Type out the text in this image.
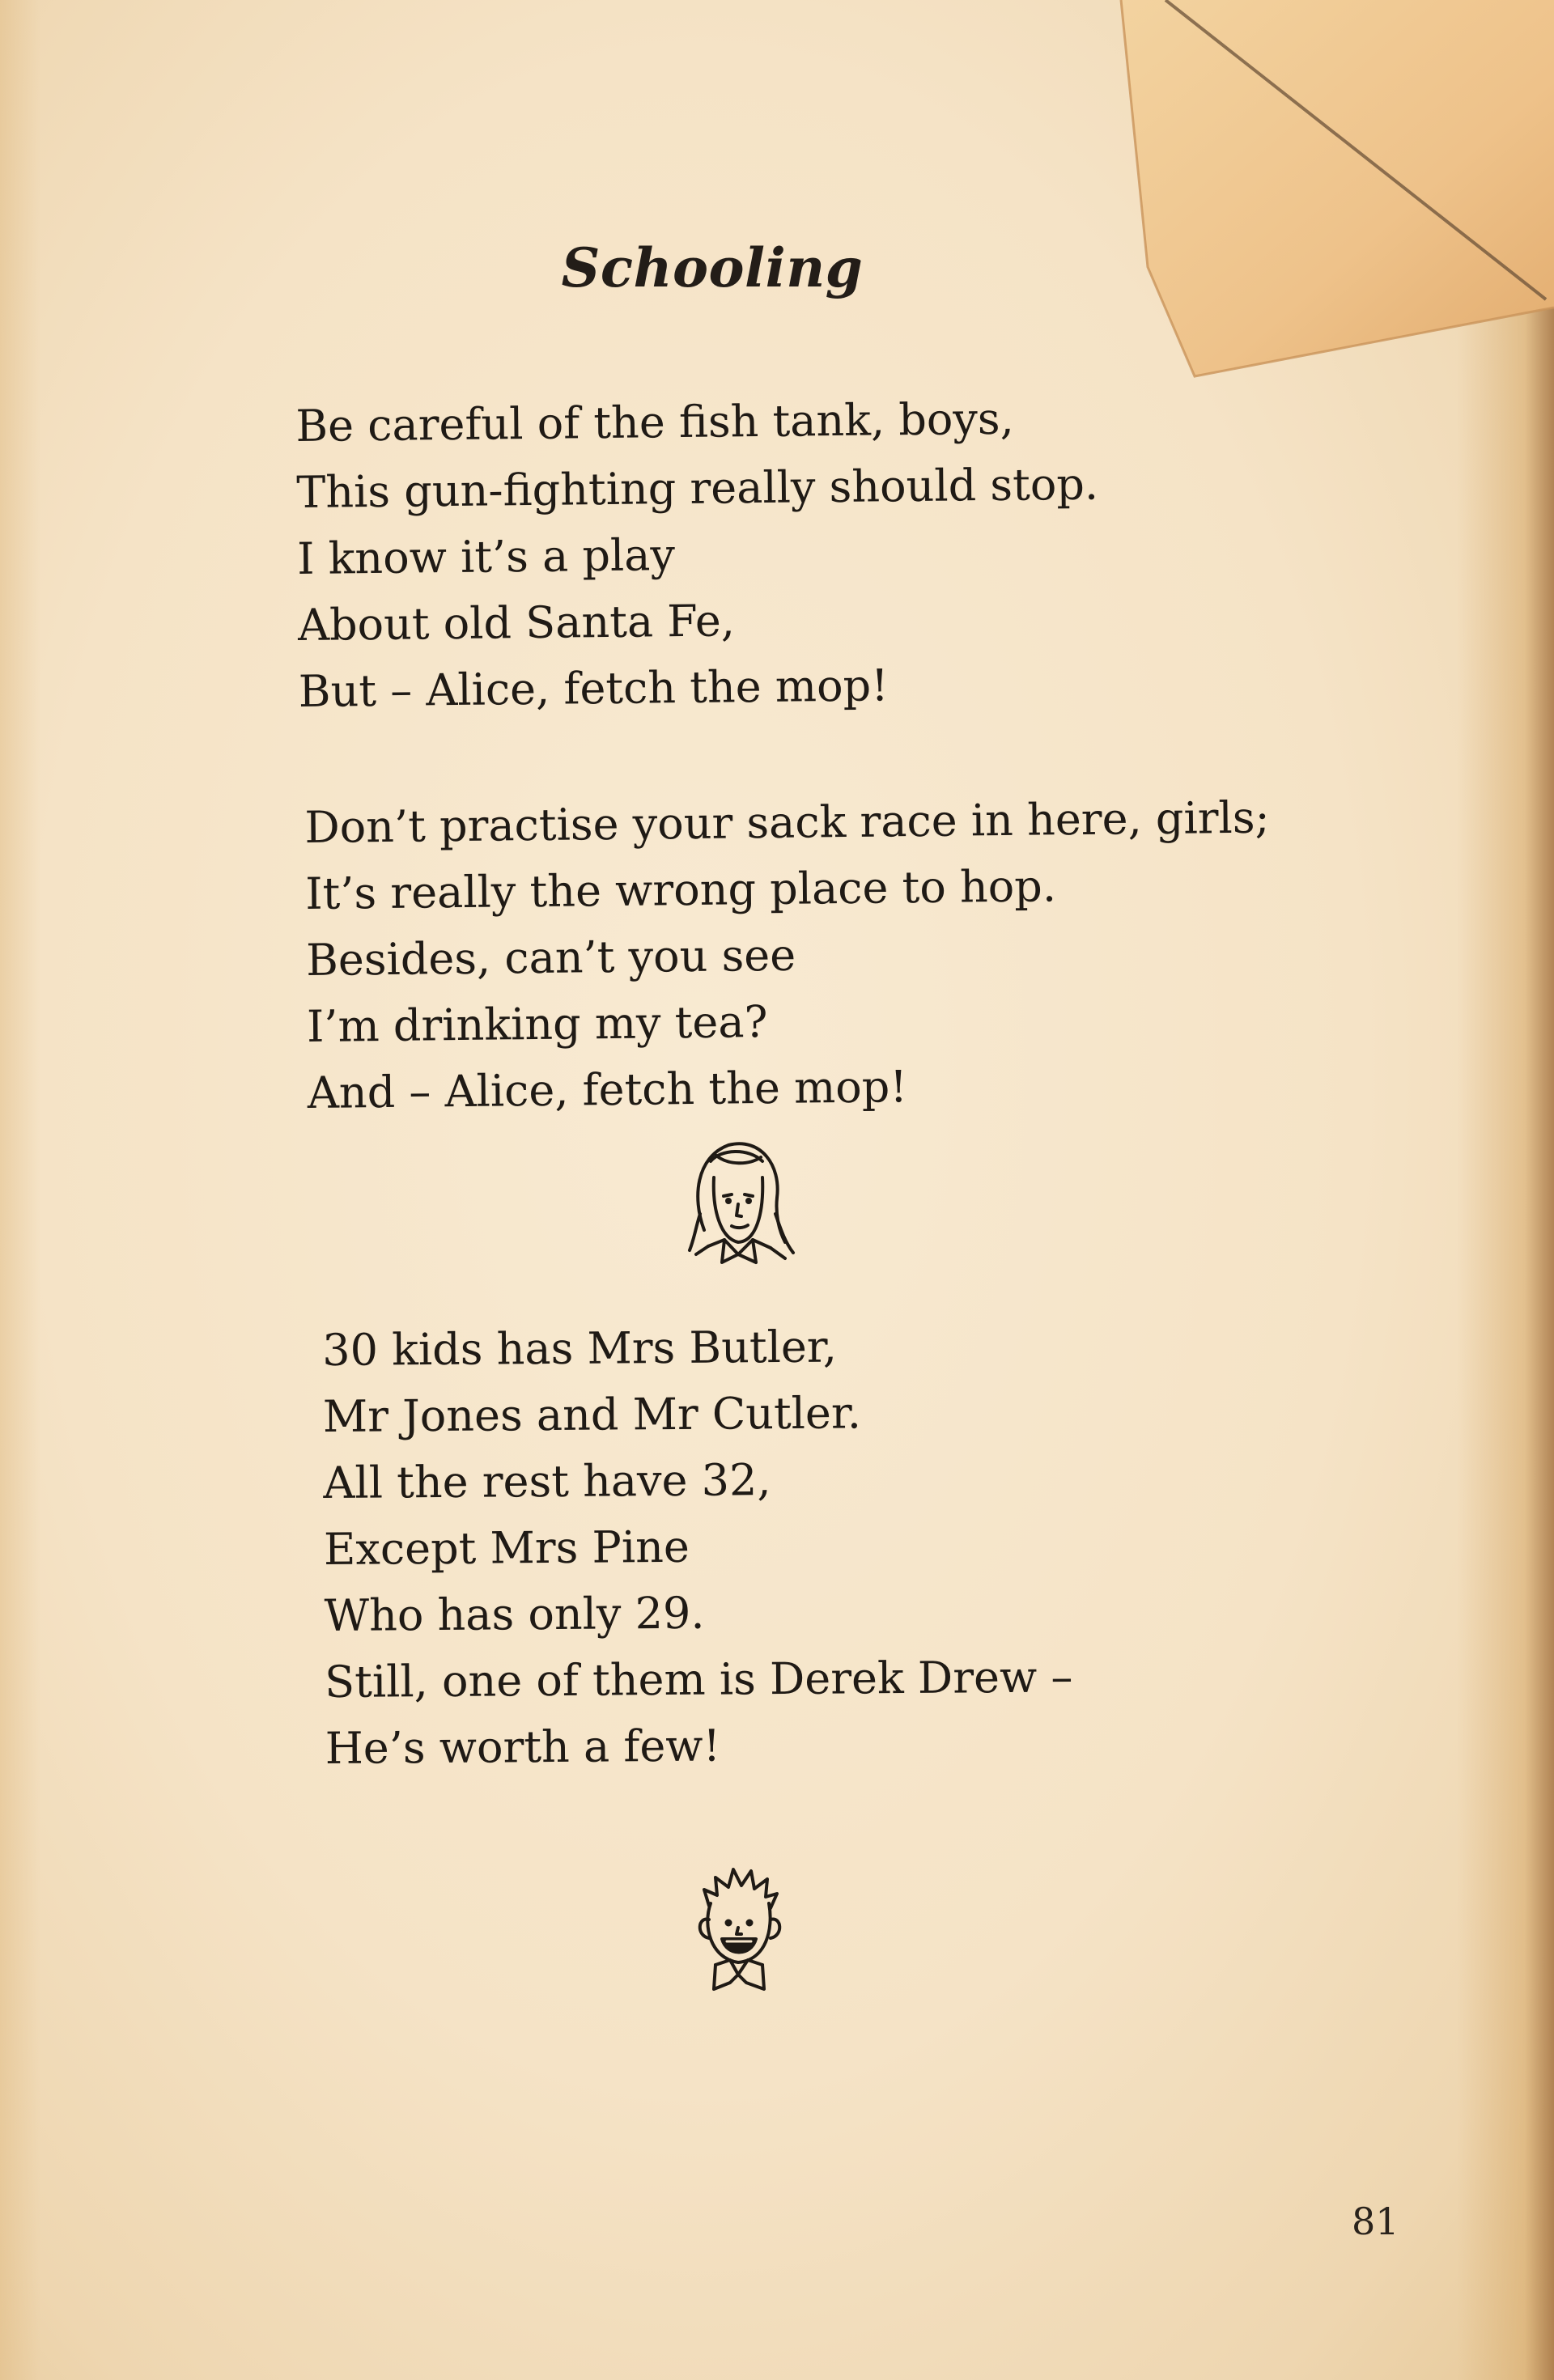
Schooling
Be careful of the fish tank, boys,
This gun-fighting really should stop.
I know it’s a play
About old Santa Fe,
But – Alice, fetch the mop!
Don’t practise your sack race in here, girls;
It’s really the wrong place to hop.
Besides, can’t you see
I’m drinking my tea?
And – Alice, fetch the mop!
30 kids has Mrs Butler,
Mr Jones and Mr Cutler.
All the rest have 32,
Except Mrs Pine
Who has only 29.
Still, one of them is Derek Drew –
He’s worth a few!
81
